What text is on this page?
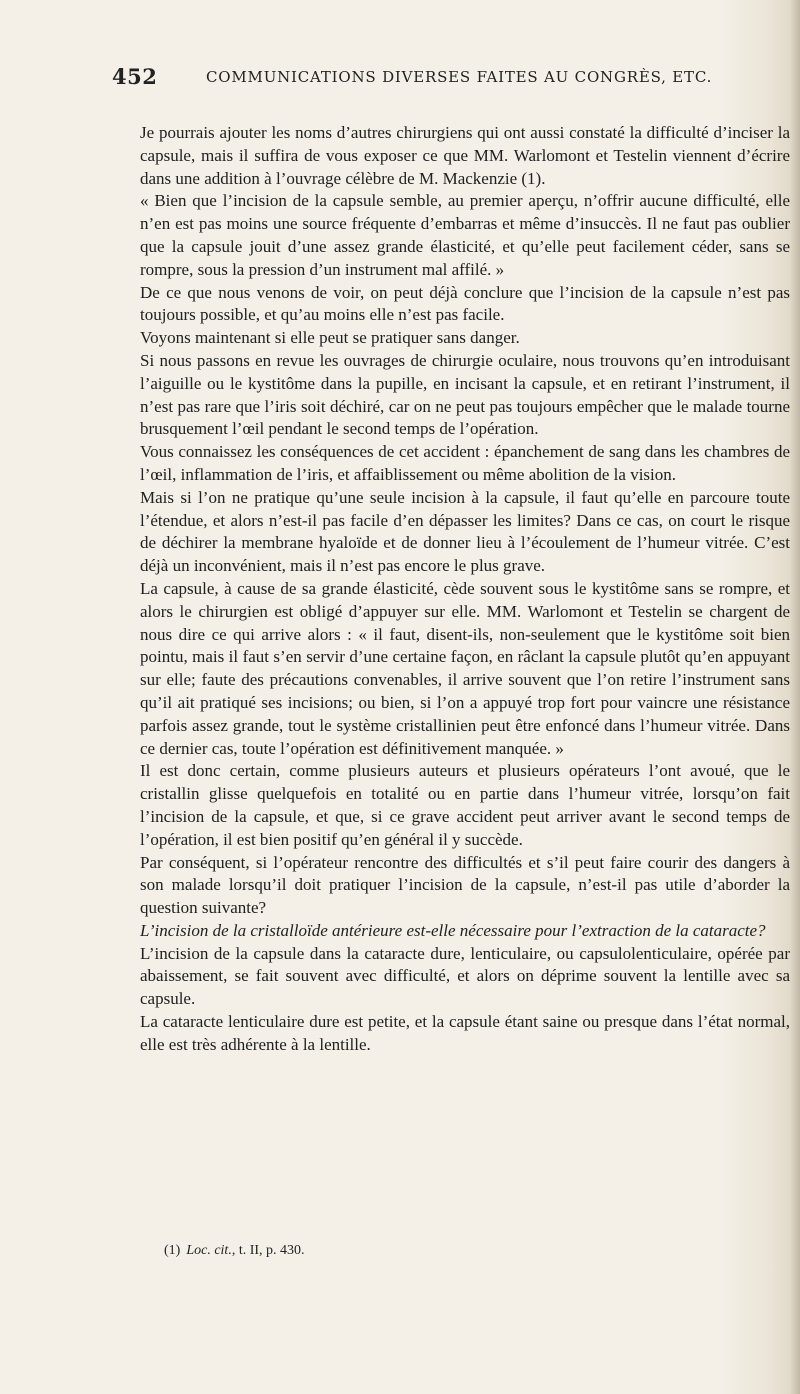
452	COMMUNICATIONS DIVERSES FAITES AU CONGRÈS, ETC.

Je pourrais ajouter les noms d’autres chirurgiens qui ont aussi constaté la difficulté d’inciser la capsule, mais il suffira de vous exposer ce que MM. Warlomont et Testelin viennent d’écrire dans une addition à l’ouvrage célèbre de M. Mackenzie (1).

« Bien que l’incision de la capsule semble, au premier aperçu, n’offrir aucune difficulté, elle n’en est pas moins une source fréquente d’embarras et même d’insuccès. Il ne faut pas oublier que la capsule jouit d’une assez grande élasticité, et qu’elle peut facilement céder, sans se rompre, sous la pression d’un instrument mal affilé. »

De ce que nous venons de voir, on peut déjà conclure que l’incision de la capsule n’est pas toujours possible, et qu’au moins elle n’est pas facile.

Voyons maintenant si elle peut se pratiquer sans danger.

Si nous passons en revue les ouvrages de chirurgie oculaire, nous trouvons qu’en introduisant l’aiguille ou le kystitôme dans la pupille, en incisant la capsule, et en retirant l’instrument, il n’est pas rare que l’iris soit déchiré, car on ne peut pas toujours empêcher que le malade tourne brusquement l’œil pendant le second temps de l’opération.

Vous connaissez les conséquences de cet accident : épanchement de sang dans les chambres de l’œil, inflammation de l’iris, et affaiblissement ou même abolition de la vision.

Mais si l’on ne pratique qu’une seule incision à la capsule, il faut qu’elle en parcoure toute l’étendue, et alors n’est-il pas facile d’en dépasser les limites? Dans ce cas, on court le risque de déchirer la membrane hyaloïde et de donner lieu à l’écoulement de l’humeur vitrée. C’est déjà un inconvénient, mais il n’est pas encore le plus grave.

La capsule, à cause de sa grande élasticité, cède souvent sous le kystitôme sans se rompre, et alors le chirurgien est obligé d’appuyer sur elle. MM. Warlomont et Testelin se chargent de nous dire ce qui arrive alors : « il faut, disent-ils, non-seulement que le kystitôme soit bien pointu, mais il faut s’en servir d’une certaine façon, en râclant la capsule plutôt qu’en appuyant sur elle; faute des précautions convenables, il arrive souvent que l’on retire l’instrument sans qu’il ait pratiqué ses incisions; ou bien, si l’on a appuyé trop fort pour vaincre une résistance parfois assez grande, tout le système cristallinien peut être enfoncé dans l’humeur vitrée. Dans ce dernier cas, toute l’opération est définitivement manquée. »

Il est donc certain, comme plusieurs auteurs et plusieurs opérateurs l’ont avoué, que le cristallin glisse quelquefois en totalité ou en partie dans l’humeur vitrée, lorsqu’on fait l’incision de la capsule, et que, si ce grave accident peut arriver avant le second temps de l’opération, il est bien positif qu’en général il y succède.

Par conséquent, si l’opérateur rencontre des difficultés et s’il peut faire courir des dangers à son malade lorsqu’il doit pratiquer l’incision de la capsule, n’est-il pas utile d’aborder la question suivante?

L’incision de la cristalloïde antérieure est-elle nécessaire pour l’extraction de la cataracte?

L’incision de la capsule dans la cataracte dure, lenticulaire, ou capsulolenticulaire, opérée par abaissement, se fait souvent avec difficulté, et alors on déprime souvent la lentille avec sa capsule.

La cataracte lenticulaire dure est petite, et la capsule étant saine ou presque dans l’état normal, elle est très adhérente à la lentille.

(1) Loc. cit., t. II, p. 430.
